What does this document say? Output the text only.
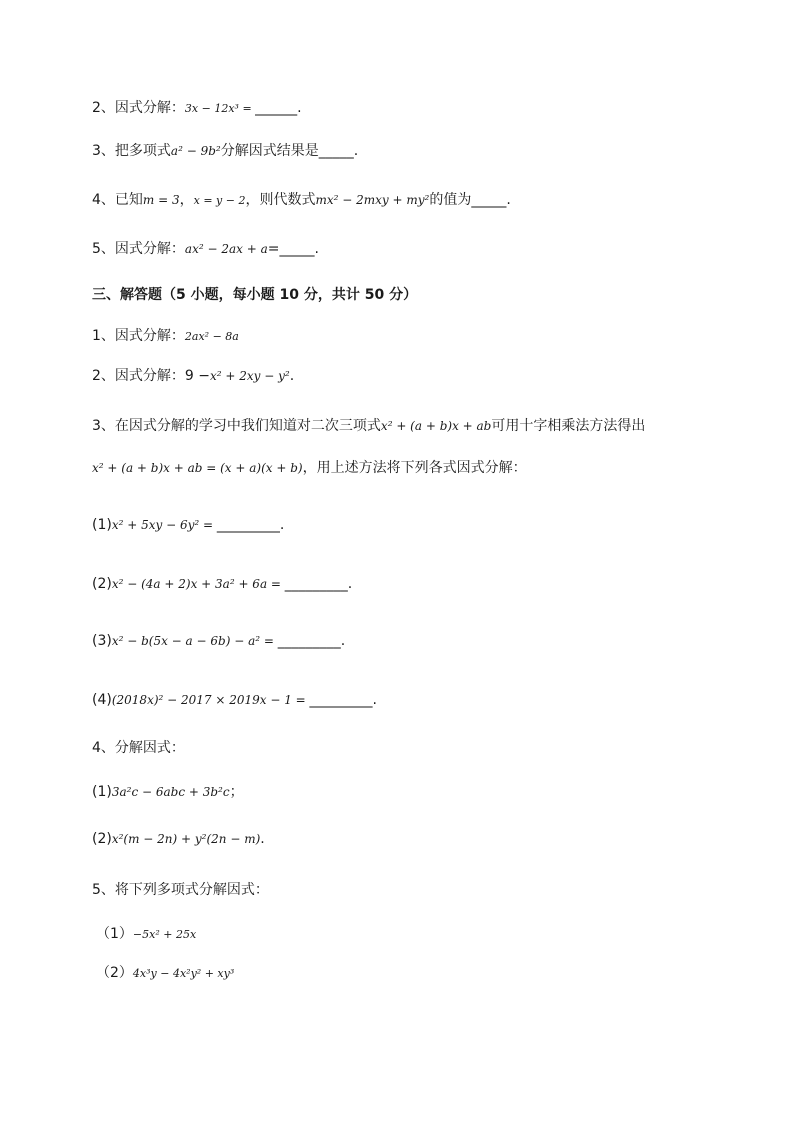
2、因式分解：3x − 12x³ = ______.
3、把多项式a² − 9b²分解因式结果是_____.
4、已知m = 3，x = y − 2，则代数式mx² − 2mxy + my²的值为_____.
5、因式分解：ax² − 2ax + a=_____.
三、解答题（5 小题，每小题 10 分，共计 50 分）
1、因式分解：2ax² − 8a
2、因式分解：9 −x² + 2xy − y².
3、在因式分解的学习中我们知道对二次三项式x² + (a + b)x + ab可用十字相乘法方法得出
x² + (a + b)x + ab = (x + a)(x + b)，用上述方法将下列各式因式分解：
(1)x² + 5xy − 6y² = _________.
(2)x² − (4a + 2)x + 3a² + 6a = _________.
(3)x² − b(5x − a − 6b) − a² = _________.
(4)(2018x)² − 2017 × 2019x − 1 = _________.
4、分解因式：
(1)3a²c − 6abc + 3b²c；
(2)x²(m − 2n) + y²(2n − m).
5、将下列多项式分解因式：
（1）−5x² + 25x
（2）4x³y − 4x²y² + xy³
